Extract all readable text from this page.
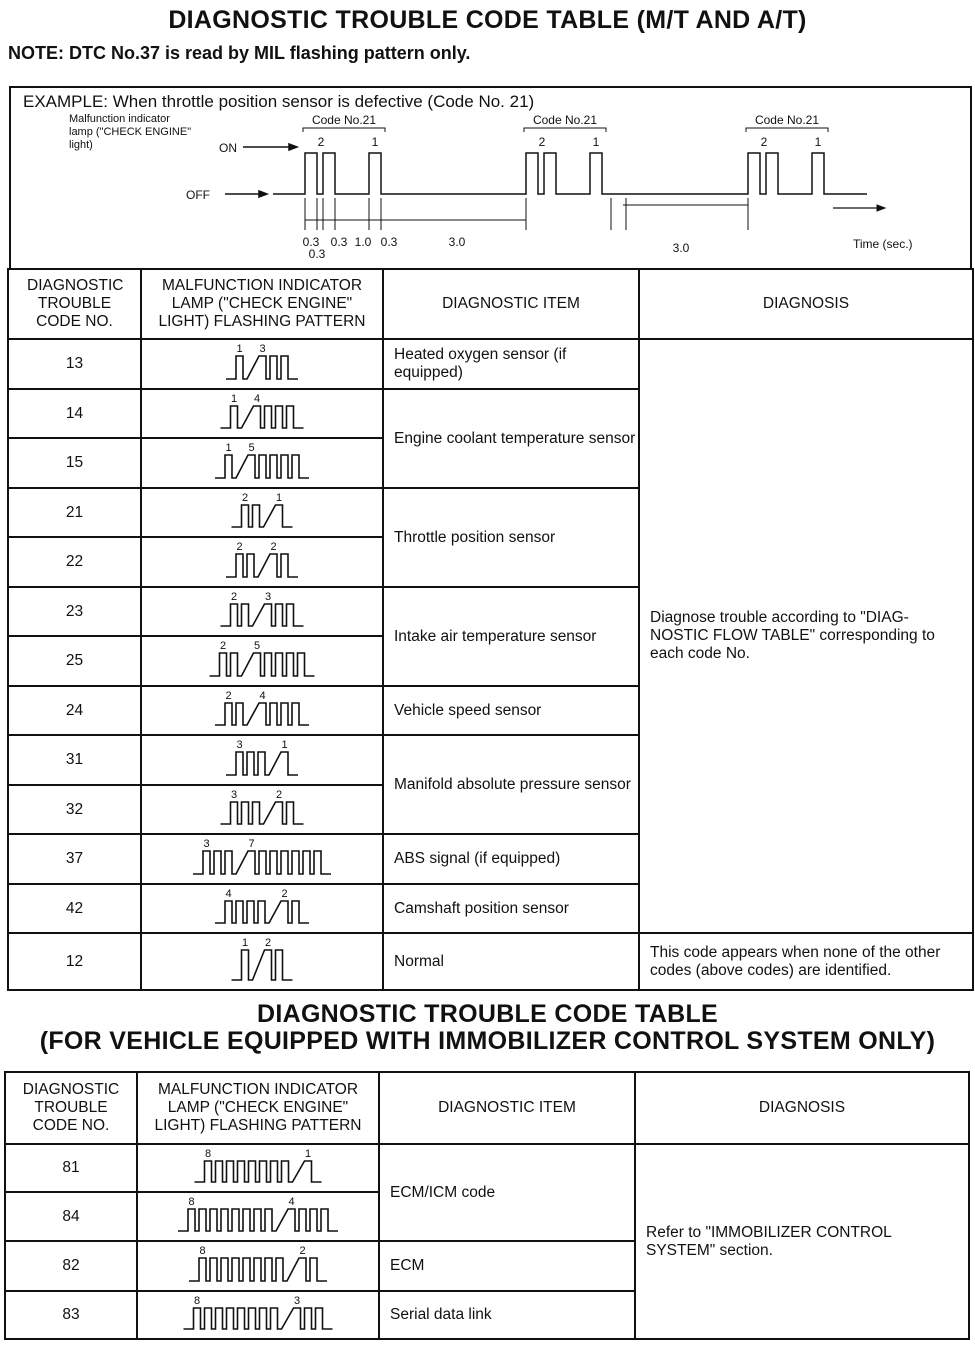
DIAGNOSTIC TROUBLE CODE TABLE (M/T AND A/T)
NOTE: DTC No.37 is read by MIL flashing pattern only.
EXAMPLE: When throttle position sensor is defective (Code No. 21)
Malfunction indicator
lamp ("CHECK ENGINE"
light)	ON
OFF
Code No.21
2	1
Code No.21
2	1
Code No.21
2	1
0.3 0.3
0.3
1.0 0.3	3.0	3.0	Time (sec.)
DIAGNOSTIC TROUBLE CODE NO.	MALFUNCTION INDICATOR LAMP ("CHECK ENGINE" LIGHT) FLASHING PATTERN	DIAGNOSTIC ITEM	DIAGNOSIS
13	1 3	Heated oxygen sensor (if equipped)	Diagnose trouble according to "DIAG-NOSTIC FLOW TABLE" corresponding to each code No.
14	1 4	Engine coolant temperature sensor	
15	1 5		

21	2 1	Throttle position sensor	
22	2 2		

23	2 3	Intake air temperature sensor	
25	2 5		

24	2 4	Vehicle speed sensor	
31	3 1	Manifold absolute pressure sensor	
32	3 2		

37	3 7	ABS signal (if equipped)	
42	4 2	Camshaft position sensor	
12	1 2	Normal	This code appears when none of the other codes (above codes) are identified.
DIAGNOSTIC TROUBLE CODE TABLE
(FOR VEHICLE EQUIPPED WITH IMMOBILIZER CONTROL SYSTEM ONLY)
DIAGNOSTIC TROUBLE CODE NO.	MALFUNCTION INDICATOR LAMP ("CHECK ENGINE" LIGHT) FLASHING PATTERN	DIAGNOSTIC ITEM	DIAGNOSIS
81	8 1	ECM/ICM code	Refer to "IMMOBILIZER CONTROL SYSTEM" section.
84	8 4		

82	8 2	ECM	
83	8 3	Serial data link	
